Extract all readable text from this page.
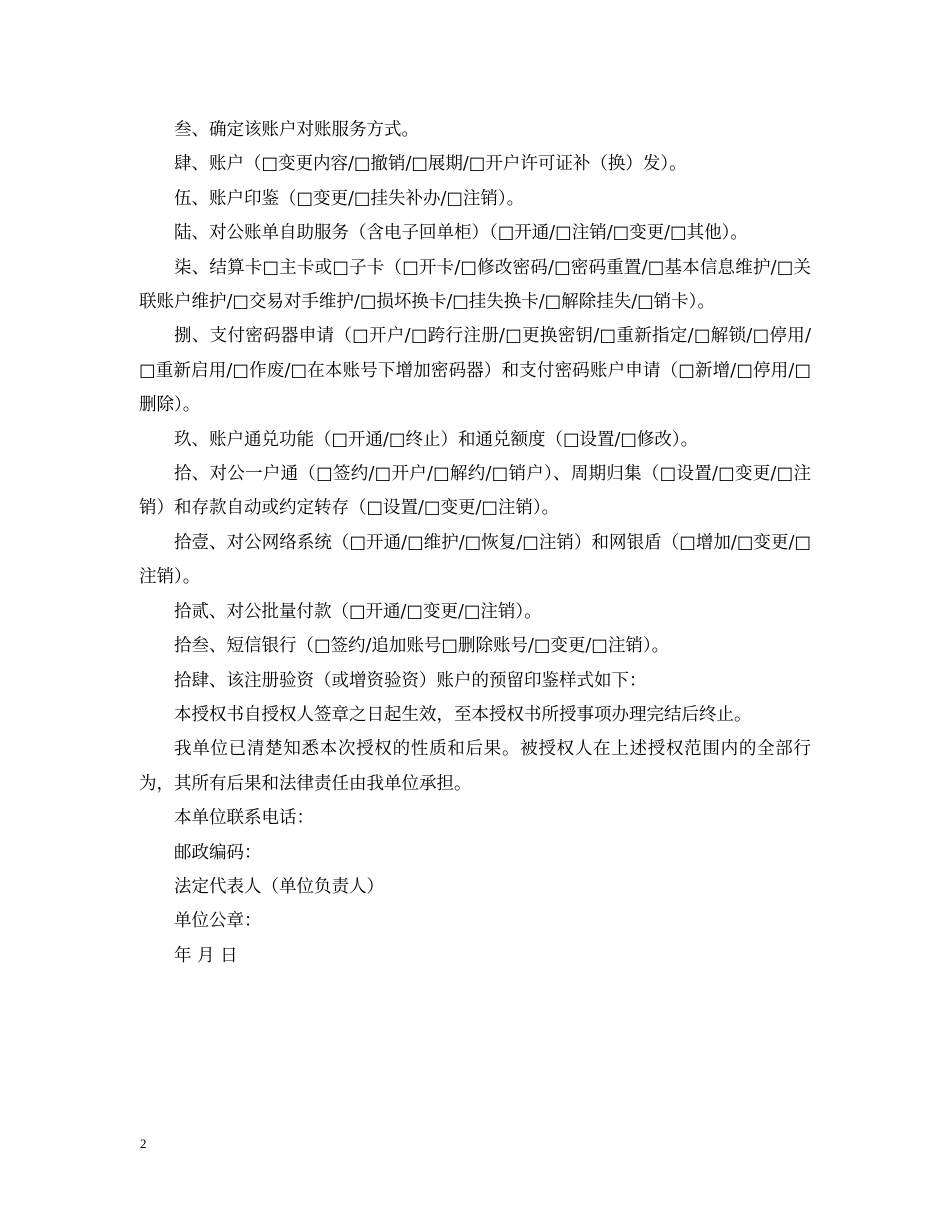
叁、确定该账户对账服务方式。

肆、账户（□变更内容/□撤销/□展期/□开户许可证补（换）发）。

伍、账户印鉴（□变更/□挂失补办/□注销）。

陆、对公账单自助服务（含电子回单柜）（□开通/□注销/□变更/□其他）。

柒、结算卡□主卡或□子卡（□开卡/□修改密码/□密码重置/□基本信息维护/□关联账户维护/□交易对手维护/□损坏换卡/□挂失换卡/□解除挂失/□销卡）。

捌、支付密码器申请（□开户/□跨行注册/□更换密钥/□重新指定/□解锁/□停用/□重新启用/□作废/□在本账号下增加密码器）和支付密码账户申请（□新增/□停用/□删除）。

玖、账户通兑功能（□开通/□终止）和通兑额度（□设置/□修改）。

拾、对公一户通（□签约/□开户/□解约/□销户）、周期归集（□设置/□变更/□注销）和存款自动或约定转存（□设置/□变更/□注销）。

拾壹、对公网络系统（□开通/□维护/□恢复/□注销）和网银盾（□增加/□变更/□注销）。

拾贰、对公批量付款（□开通/□变更/□注销）。

拾叁、短信银行（□签约/追加账号□删除账号/□变更/□注销）。

拾肆、该注册验资（或增资验资）账户的预留印鉴样式如下：

本授权书自授权人签章之日起生效，至本授权书所授事项办理完结后终止。

我单位已清楚知悉本次授权的性质和后果。被授权人在上述授权范围内的全部行为，其所有后果和法律责任由我单位承担。

本单位联系电话：

邮政编码：

法定代表人（单位负责人）

单位公章：

年 月 日

2
